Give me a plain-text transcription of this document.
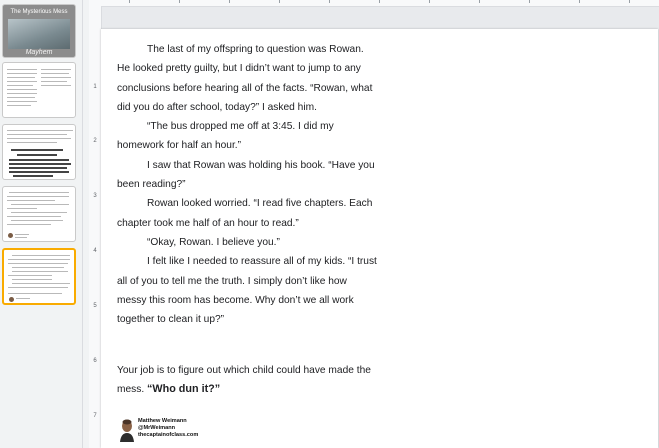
The Mysterious Mess
Mayhem
1
2
3
4
5
6
7

The last of my offspring to question was Rowan. He looked pretty guilty, but I didn’t want to jump to any conclusions before hearing all of the facts. “Rowan, what did you do after school, today?” I asked him.

“The bus dropped me off at 3:45. I did my homework for half an hour.”

I saw that Rowan was holding his book. “Have you been reading?”

Rowan looked worried. “I read five chapters. Each chapter took me half of an hour to read.”

“Okay, Rowan. I believe you.”

I felt like I needed to reassure all of my kids. “I trust all of you to tell me the truth. I simply don’t like how messy this room has become. Why don’t we all work together to clean it up?”

Your job is to figure out which child could have made the mess. “Who dun it?”

Matthew Weimann
@MrWeimann
thecaptainofclass.com
